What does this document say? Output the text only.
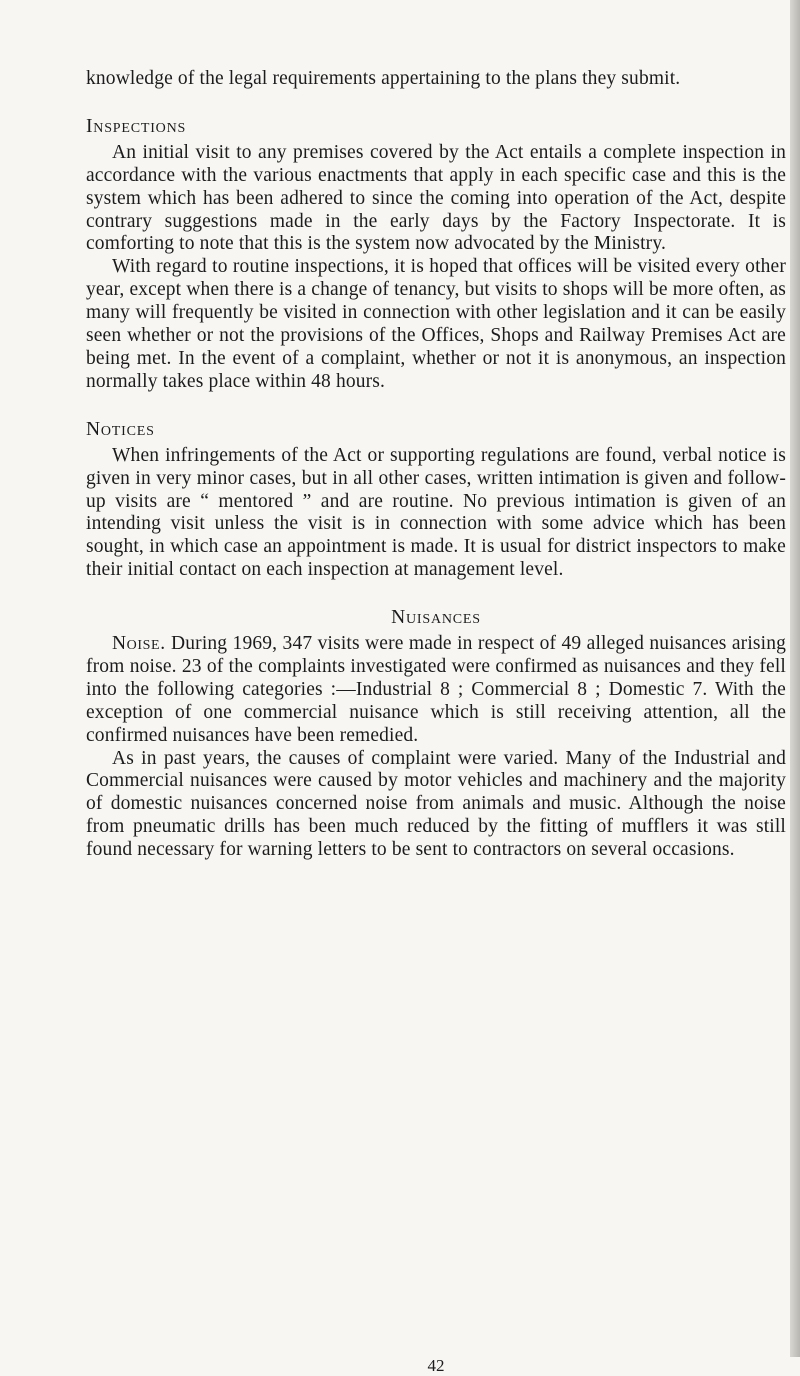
knowledge of the legal requirements appertaining to the plans they submit.

Inspections

An initial visit to any premises covered by the Act entails a complete inspection in accordance with the various enactments that apply in each specific case and this is the system which has been adhered to since the coming into operation of the Act, despite contrary suggestions made in the early days by the Factory Inspectorate. It is comforting to note that this is the system now advocated by the Ministry.

With regard to routine inspections, it is hoped that offices will be visited every other year, except when there is a change of tenancy, but visits to shops will be more often, as many will frequently be visited in connection with other legislation and it can be easily seen whether or not the provisions of the Offices, Shops and Railway Premises Act are being met. In the event of a complaint, whether or not it is anonymous, an inspection normally takes place within 48 hours.

Notices

When infringements of the Act or supporting regulations are found, verbal notice is given in very minor cases, but in all other cases, written intimation is given and follow-up visits are “ mentored ” and are routine. No previous intimation is given of an intending visit unless the visit is in connection with some advice which has been sought, in which case an appointment is made. It is usual for district inspectors to make their initial contact on each inspection at management level.

Nuisances

Noise. During 1969, 347 visits were made in respect of 49 alleged nuisances arising from noise. 23 of the complaints investigated were confirmed as nuisances and they fell into the following categories :—Industrial 8 ; Commercial 8 ; Domestic 7. With the exception of one commercial nuisance which is still receiving attention, all the confirmed nuisances have been remedied.

As in past years, the causes of complaint were varied. Many of the Industrial and Commercial nuisances were caused by motor vehicles and machinery and the majority of domestic nuisances concerned noise from animals and music. Although the noise from pneumatic drills has been much reduced by the fitting of mufflers it was still found necessary for warning letters to be sent to contractors on several occasions.

42
